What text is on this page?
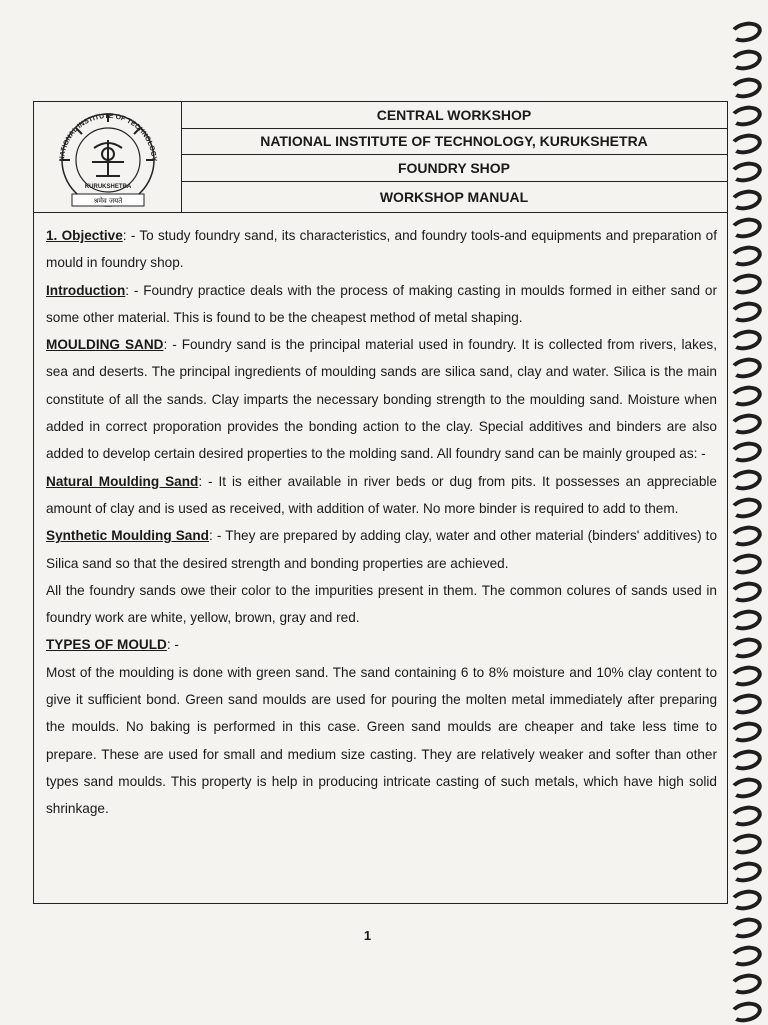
NATIONAL INSTITUTE OF TECHNOLOGY
KURUKSHETRA
श्रमेव जयते
CENTRAL WORKSHOP
NATIONAL INSTITUTE OF TECHNOLOGY, KURUKSHETRA
FOUNDRY SHOP
WORKSHOP MANUAL

1. Objective: - To study foundry sand, its characteristics, and foundry tools-and equipments and preparation of mould in foundry shop.

Introduction: - Foundry practice deals with the process of making casting in moulds formed in either sand or some other material. This is found to be the cheapest method of metal shaping.

MOULDING SAND: - Foundry sand is the principal material used in foundry. It is collected from rivers, lakes, sea and deserts. The principal ingredients of moulding sands are silica sand, clay and water. Silica is the main constitute of all the sands. Clay imparts the necessary bonding strength to the moulding sand. Moisture when added in correct proporation provides the bonding action to the clay. Special additives and binders are also added to develop certain desired properties to the molding sand. All foundry sand can be mainly grouped as: -

Natural Moulding Sand: - It is either available in river beds or dug from pits. It possesses an appreciable amount of clay and is used as received, with addition of water. No more binder is required to add to them.

Synthetic Moulding Sand: - They are prepared by adding clay, water and other material (binders' additives) to Silica sand so that the desired strength and bonding properties are achieved.

All the foundry sands owe their color to the impurities present in them. The common colures of sands used in foundry work are white, yellow, brown, gray and red.

TYPES OF MOULD: -

Most of the moulding is done with green sand. The sand containing 6 to 8% moisture and 10% clay content to give it sufficient bond. Green sand moulds are used for pouring the molten metal immediately after preparing the moulds. No baking is performed in this case. Green sand moulds are cheaper and take less time to prepare. These are used for small and medium size casting. They are relatively weaker and softer than other types sand moulds. This property is help in producing intricate casting of such metals, which have high solid shrinkage.

1
